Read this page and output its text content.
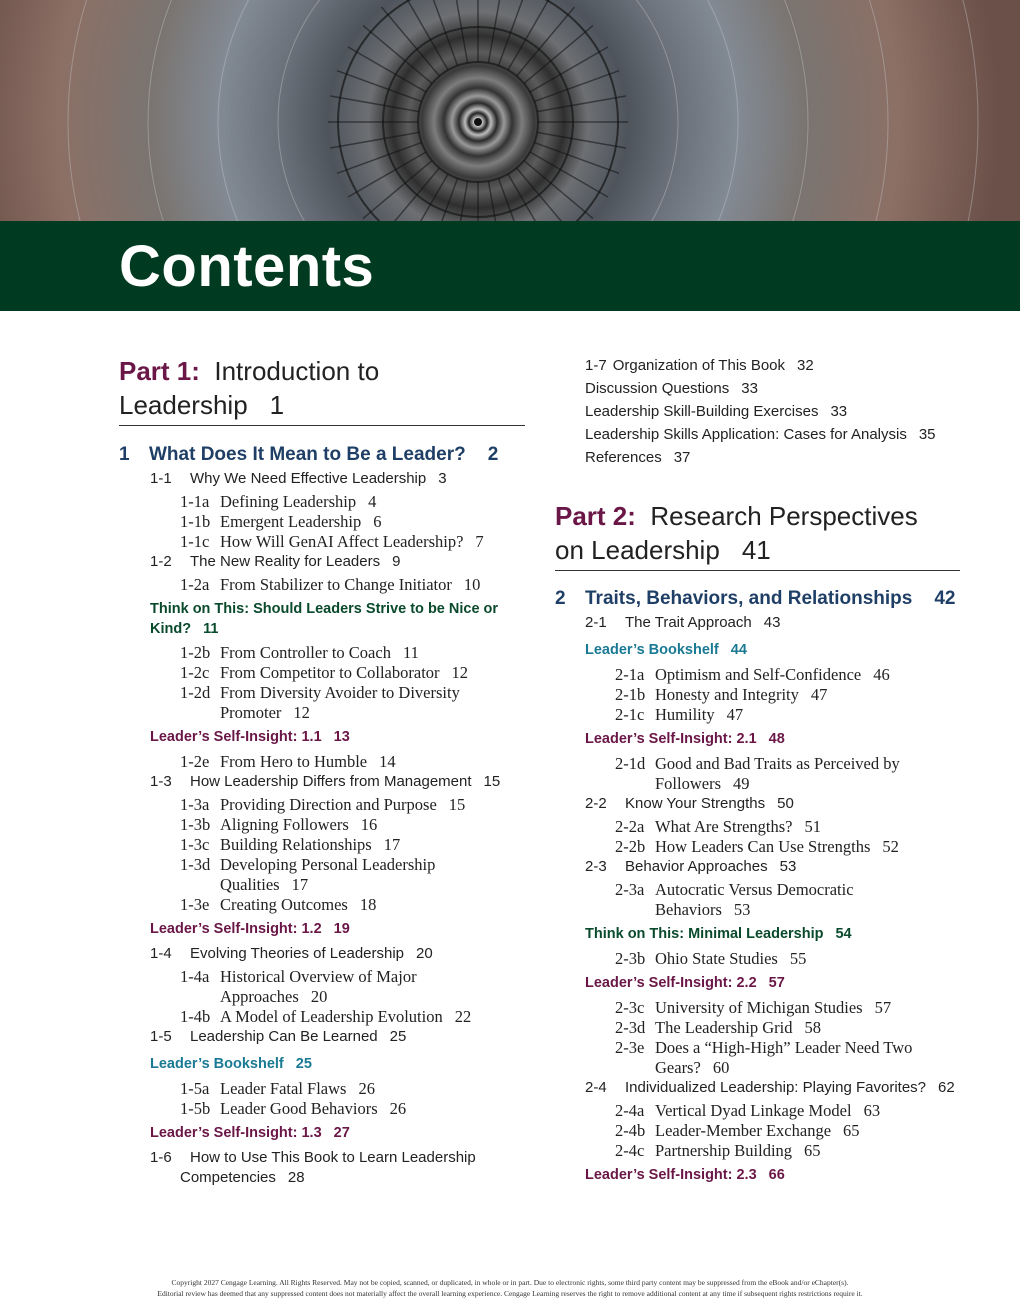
Contents
Part 1: Introduction to
Leadership 1
1 What Does It Mean to Be a Leader? 2
1-1 Why We Need Effective Leadership 3
1-1a Defining Leadership 4
1-1b Emergent Leadership 6
1-1c How Will GenAI Affect Leadership? 7
1-2 The New Reality for Leaders 9
1-2a From Stabilizer to Change Initiator 10
Think on This: Should Leaders Strive to be Nice or
Kind? 11
1-2b From Controller to Coach 11
1-2c From Competitor to Collaborator 12
1-2d From Diversity Avoider to Diversity
Promoter 12
Leader’s Self-Insight: 1.1 13
1-2e From Hero to Humble 14
1-3 How Leadership Differs from Management 15
1-3a Providing Direction and Purpose 15
1-3b Aligning Followers 16
1-3c Building Relationships 17
1-3d Developing Personal Leadership
Qualities 17
1-3e Creating Outcomes 18
Leader’s Self-Insight: 1.2 19
1-4 Evolving Theories of Leadership 20
1-4a Historical Overview of Major
Approaches 20
1-4b A Model of Leadership Evolution 22
1-5 Leadership Can Be Learned 25
Leader’s Bookshelf 25
1-5a Leader Fatal Flaws 26
1-5b Leader Good Behaviors 26
Leader’s Self-Insight: 1.3 27
1-6 How to Use This Book to Learn Leadership
Competencies 28
1-7 Organization of This Book 32
Discussion Questions 33
Leadership Skill-Building Exercises 33
Leadership Skills Application: Cases for Analysis 35
References 37
Part 2: Research Perspectives
on Leadership 41
2 Traits, Behaviors, and Relationships 42
2-1 The Trait Approach 43
Leader’s Bookshelf 44
2-1a Optimism and Self-Confidence 46
2-1b Honesty and Integrity 47
2-1c Humility 47
Leader’s Self-Insight: 2.1 48
2-1d Good and Bad Traits as Perceived by
Followers 49
2-2 Know Your Strengths 50
2-2a What Are Strengths? 51
2-2b How Leaders Can Use Strengths 52
2-3 Behavior Approaches 53
2-3a Autocratic Versus Democratic
Behaviors 53
Think on This: Minimal Leadership 54
2-3b Ohio State Studies 55
Leader’s Self-Insight: 2.2 57
2-3c University of Michigan Studies 57
2-3d The Leadership Grid 58
2-3e Does a “High-High” Leader Need Two
Gears? 60
2-4 Individualized Leadership: Playing Favorites? 62
2-4a Vertical Dyad Linkage Model 63
2-4b Leader-Member Exchange 65
2-4c Partnership Building 65
Leader’s Self-Insight: 2.3 66
Copyright 2027 Cengage Learning. All Rights Reserved. May not be copied, scanned, or duplicated, in whole or in part. Due to electronic rights, some third party content may be suppressed from the eBook and/or eChapter(s).
Editorial review has deemed that any suppressed content does not materially affect the overall learning experience. Cengage Learning reserves the right to remove additional content at any time if subsequent rights restrictions require it.
